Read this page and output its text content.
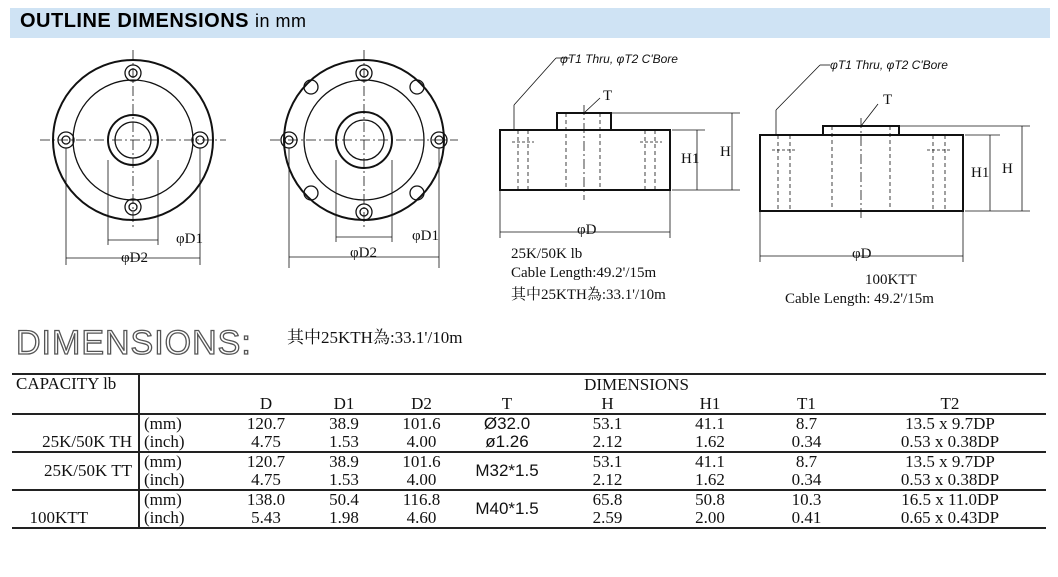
OUTLINE DIMENSIONS in mm
φD1
φD2
φD1
φD2
φT1 Thru, φT2 C'Bore
T
H1 H
φD
25K/50K lb
Cable Length:49.2'/15m
其中25KTH為:33.1'/10m
φT1 Thru, φT2 C'Bore
T
H1 H
φD
100KTT
Cable Length: 49.2'/15m
DIMENSIONS: 其中25KTH為:33.1'/10m
CAPACITY lb		DIMENSIONS							
		D	D1	D2	T	H	H1	T1	T2
25K/50K TH	(mm)	120.7	38.9	101.6	Ø32.0	53.1	41.1	8.7	13.5 x 9.7DP
	(inch)	4.75	1.53	4.00	ø1.26	2.12	1.62	0.34	0.53 x 0.38DP
25K/50K TT	(mm)	120.7	38.9	101.6	M32*1.5	53.1	41.1	8.7	13.5 x 9.7DP
	(inch)	4.75	1.53	4.00		2.12	1.62	0.34	0.53 x 0.38DP
100KTT	(mm)	138.0	50.4	116.8	M40*1.5	65.8	50.8	10.3	16.5 x 11.0DP
	(inch)	5.43	1.98	4.60		2.59	2.00	0.41	0.65 x 0.43DP
